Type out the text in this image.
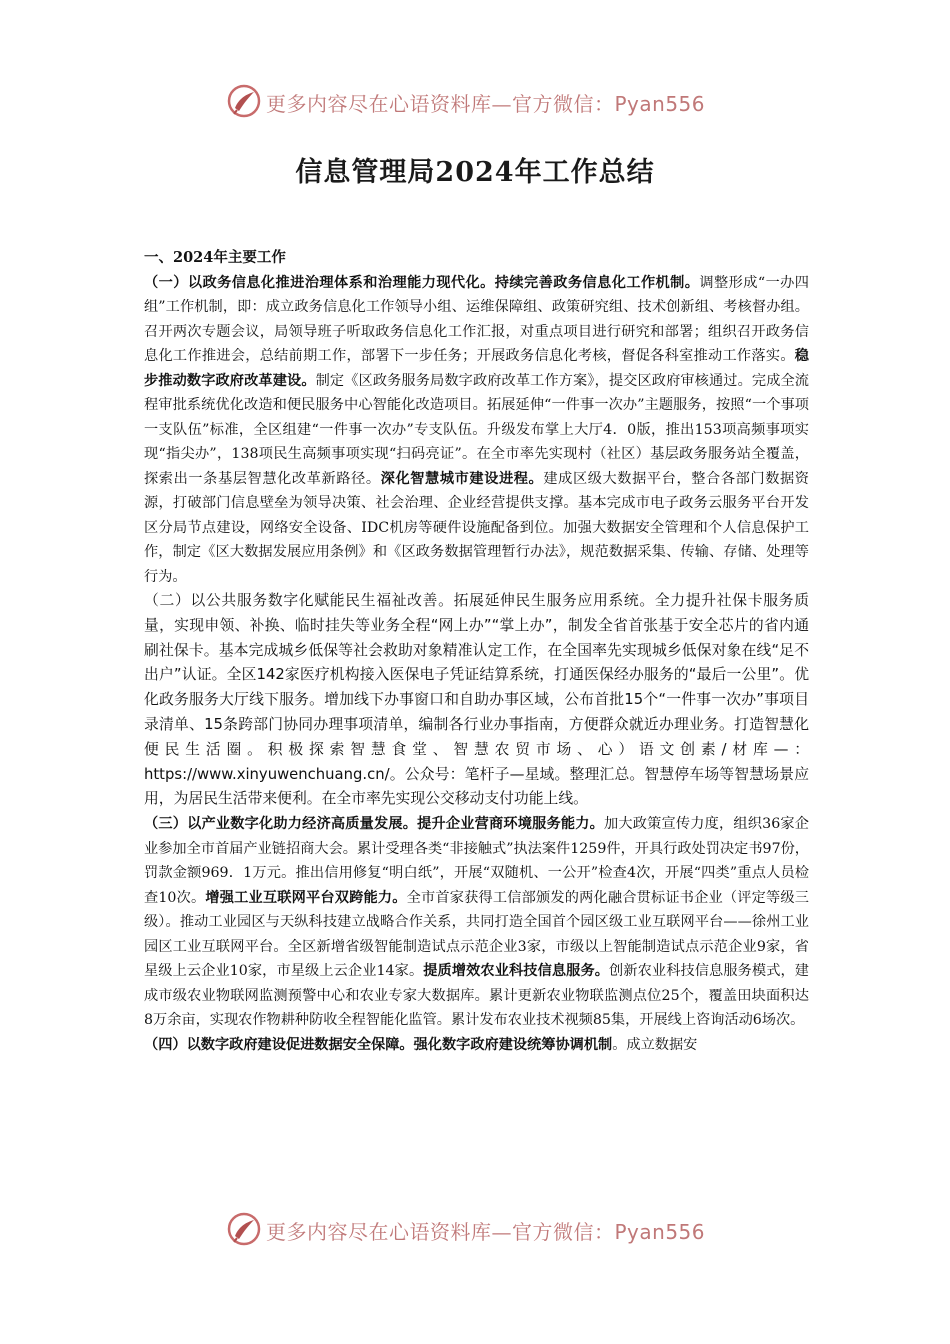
更多内容尽在心语资料库—官方微信：Pyan556
信息管理局2024年工作总结

一、2024年主要工作

（一）以政务信息化推进治理体系和治理能力现代化。持续完善政务信息化工作机制。调整形成“一办四组”工作机制，即：成立政务信息化工作领导小组、运维保障组、政策研究组、技术创新组、考核督办组。召开两次专题会议，局领导班子听取政务信息化工作汇报，对重点项目进行研究和部署；组织召开政务信息化工作推进会，总结前期工作，部署下一步任务；开展政务信息化考核，督促各科室推动工作落实。稳步推动数字政府改革建设。制定《区政务服务局数字政府改革工作方案》，提交区政府审核通过。完成全流程审批系统优化改造和便民服务中心智能化改造项目。拓展延伸“一件事一次办”主题服务，按照“一个事项一支队伍”标准，全区组建“一件事一次办”专支队伍。升级发布掌上大厅4．0版，推出153项高频事项实现“指尖办”，138项民生高频事项实现“扫码亮证”。在全市率先实现村（社区）基层政务服务站全覆盖，探索出一条基层智慧化改革新路径。深化智慧城市建设进程。建成区级大数据平台，整合各部门数据资源，打破部门信息壁垒为领导决策、社会治理、企业经营提供支撑。基本完成市电子政务云服务平台开发区分局节点建设，网络安全设备、IDC机房等硬件设施配备到位。加强大数据安全管理和个人信息保护工作，制定《区大数据发展应用条例》和《区政务数据管理暂行办法》，规范数据采集、传输、存储、处理等行为。

（二）以公共服务数字化赋能民生福祉改善。拓展延伸民生服务应用系统。全力提升社保卡服务质量，实现申领、补换、临时挂失等业务全程“网上办”“掌上办”，制发全省首张基于安全芯片的省内通刷社保卡。基本完成城乡低保等社会救助对象精准认定工作，在全国率先实现城乡低保对象在线“足不出户”认证。全区142家医疗机构接入医保电子凭证结算系统，打通医保经办服务的“最后一公里”。优化政务服务大厅线下服务。增加线下办事窗口和自助办事区域，公布首批15个“一件事一次办”事项目录清单、15条跨部门协同办理事项清单，编制各行业办事指南，方便群众就近办理业务。打造智慧化便民生活圈。积极探索智慧食堂、智慧农贸市场、心）语文创素/材库—：https://www.xinyuwenchuang.cn/。公众号：笔杆子—星域。整理汇总。智慧停车场等智慧场景应用，为居民生活带来便利。在全市率先实现公交移动支付功能上线。

（三）以产业数字化助力经济高质量发展。提升企业营商环境服务能力。加大政策宣传力度，组织36家企业参加全市首届产业链招商大会。累计受理各类“非接触式”执法案件1259件，开具行政处罚决定书97份，罚款金额969．1万元。推出信用修复“明白纸”，开展“双随机、一公开”检查4次，开展“四类”重点人员检查10次。增强工业互联网平台双跨能力。全市首家获得工信部颁发的两化融合贯标证书企业（评定等级三级）。推动工业园区与天纵科技建立战略合作关系，共同打造全国首个园区级工业互联网平台——徐州工业园区工业互联网平台。全区新增省级智能制造试点示范企业3家，市级以上智能制造试点示范企业9家，省星级上云企业10家，市星级上云企业14家。提质增效农业科技信息服务。创新农业科技信息服务模式，建成市级农业物联网监测预警中心和农业专家大数据库。累计更新农业物联监测点位25个，覆盖田块面积达8万余亩，实现农作物耕种防收全程智能化监管。累计发布农业技术视频85集，开展线上咨询活动6场次。

（四）以数字政府建设促进数据安全保障。强化数字政府建设统筹协调机制。成立数据安

更多内容尽在心语资料库—官方微信：Pyan556
